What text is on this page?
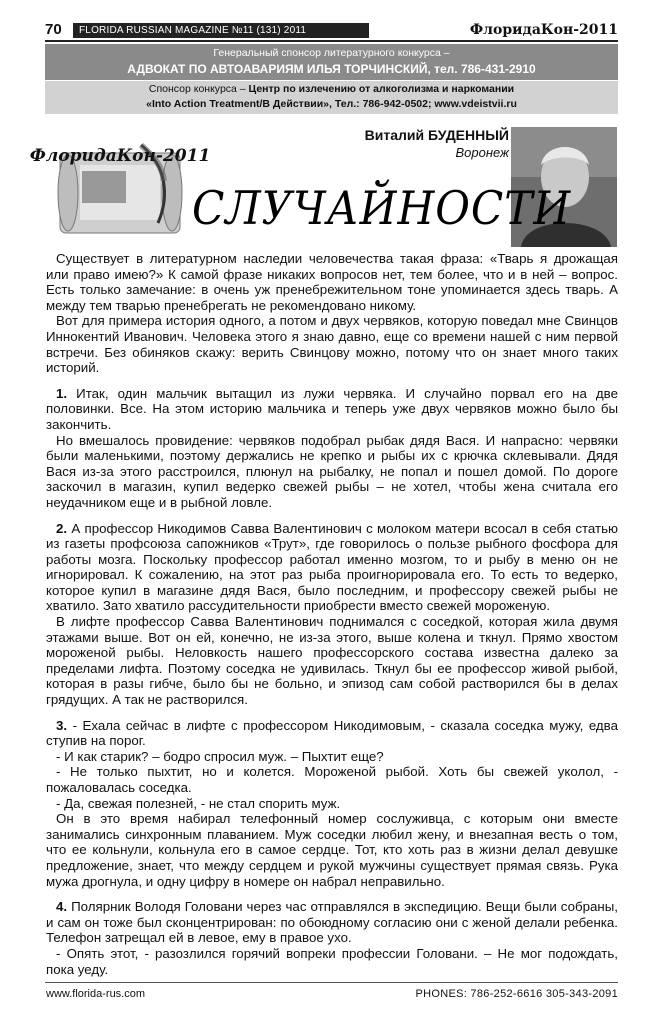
70	FLORIDA RUSSIAN MAGAZINE №11 (131) 2011	ФлоридаКон-2011
Генеральный спонсор литературного конкурса –
АДВОКАТ ПО АВТОАВАРИЯМ ИЛЬЯ ТОРЧИНСКИЙ, тел. 786-431-2910
Спонсор конкурса – Центр по излечению от алкоголизма и наркомании
«Into Action Treatment/В Действии», Тел.: 786-942-0502; www.vdeistvii.ru
ФлоридаКон-2011
Виталий БУДЕННЫЙ
Воронеж
СЛУЧАЙНОСТИ

Существует в литературном наследии человечества такая фраза: «Тварь я дрожащая или право имею?» К самой фразе никаких вопросов нет, тем более, что и в ней – вопрос. Есть только замечание: в очень уж пренебрежительном тоне упоминается здесь тварь. А между тем тварью пренебрегать не рекомендовано никому.

Вот для примера история одного, а потом и двух червяков, которую поведал мне Свинцов Иннокентий Иванович. Человека этого я знаю давно, еще со времени нашей с ним первой встречи. Без обиняков скажу: верить Свинцову можно, потому что он знает много таких историй.

1. Итак, один мальчик вытащил из лужи червяка. И случайно порвал его на две половинки. Все. На этом историю мальчика и теперь уже двух червяков можно было бы закончить.

Но вмешалось провидение: червяков подобрал рыбак дядя Вася. И напрасно: червяки были маленькими, поэтому держались не крепко и рыбы их с крючка склевывали. Дядя Вася из-за этого расстроился, плюнул на рыбалку, не попал и пошел домой. По дороге заскочил в магазин, купил ведерко свежей рыбы – не хотел, чтобы жена считала его неудачником еще и в рыбной ловле.

2. А профессор Никодимов Савва Валентинович с молоком матери всосал в себя статью из газеты профсоюза сапожников «Трут», где говорилось о пользе рыбного фосфора для работы мозга. Поскольку профессор работал именно мозгом, то и рыбу в меню он не игнорировал. К сожалению, на этот раз рыба проигнорировала его. То есть то ведерко, которое купил в магазине дядя Вася, было последним, и профессору свежей рыбы не хватило. Зато хватило рассудительности приобрести вместо свежей мороженую.

В лифте профессор Савва Валентинович поднимался с соседкой, которая жила двумя этажами выше. Вот он ей, конечно, не из-за этого, выше колена и ткнул. Прямо хвостом мороженой рыбы. Неловкость нашего профессорского состава известна далеко за пределами лифта. Поэтому соседка не удивилась. Ткнул бы ее профессор живой рыбой, которая в разы гибче, было бы не больно, и эпизод сам собой растворился бы в делах грядущих. А так не растворился.

3. - Ехала сейчас в лифте с профессором Никодимовым, - сказала соседка мужу, едва ступив на порог.

- И как старик? – бодро спросил муж. – Пыхтит еще?

- Не только пыхтит, но и колется. Мороженой рыбой. Хоть бы свежей уколол, - пожаловалась соседка.

- Да, свежая полезней, - не стал спорить муж.

Он в это время набирал телефонный номер сослуживца, с которым они вместе занимались синхронным плаванием. Муж соседки любил жену, и внезапная весть о том, что ее кольнули, кольнула его в самое сердце. Тот, кто хоть раз в жизни делал девушке предложение, знает, что между сердцем и рукой мужчины существует прямая связь. Рука мужа дрогнула, и одну цифру в номере он набрал неправильно.

4. Полярник Володя Головани через час отправлялся в экспедицию. Вещи были собраны, и сам он тоже был сконцентрирован: по обоюдному согласию они с женой делали ребенка. Телефон затрещал ей в левое, ему в правое ухо.

- Опять этот, - разозлился горячий вопреки профессии Головани. – Не мог подождать, пока уеду.

www.florida-rus.com	PHONES: 786-252-6616 305-343-2091
